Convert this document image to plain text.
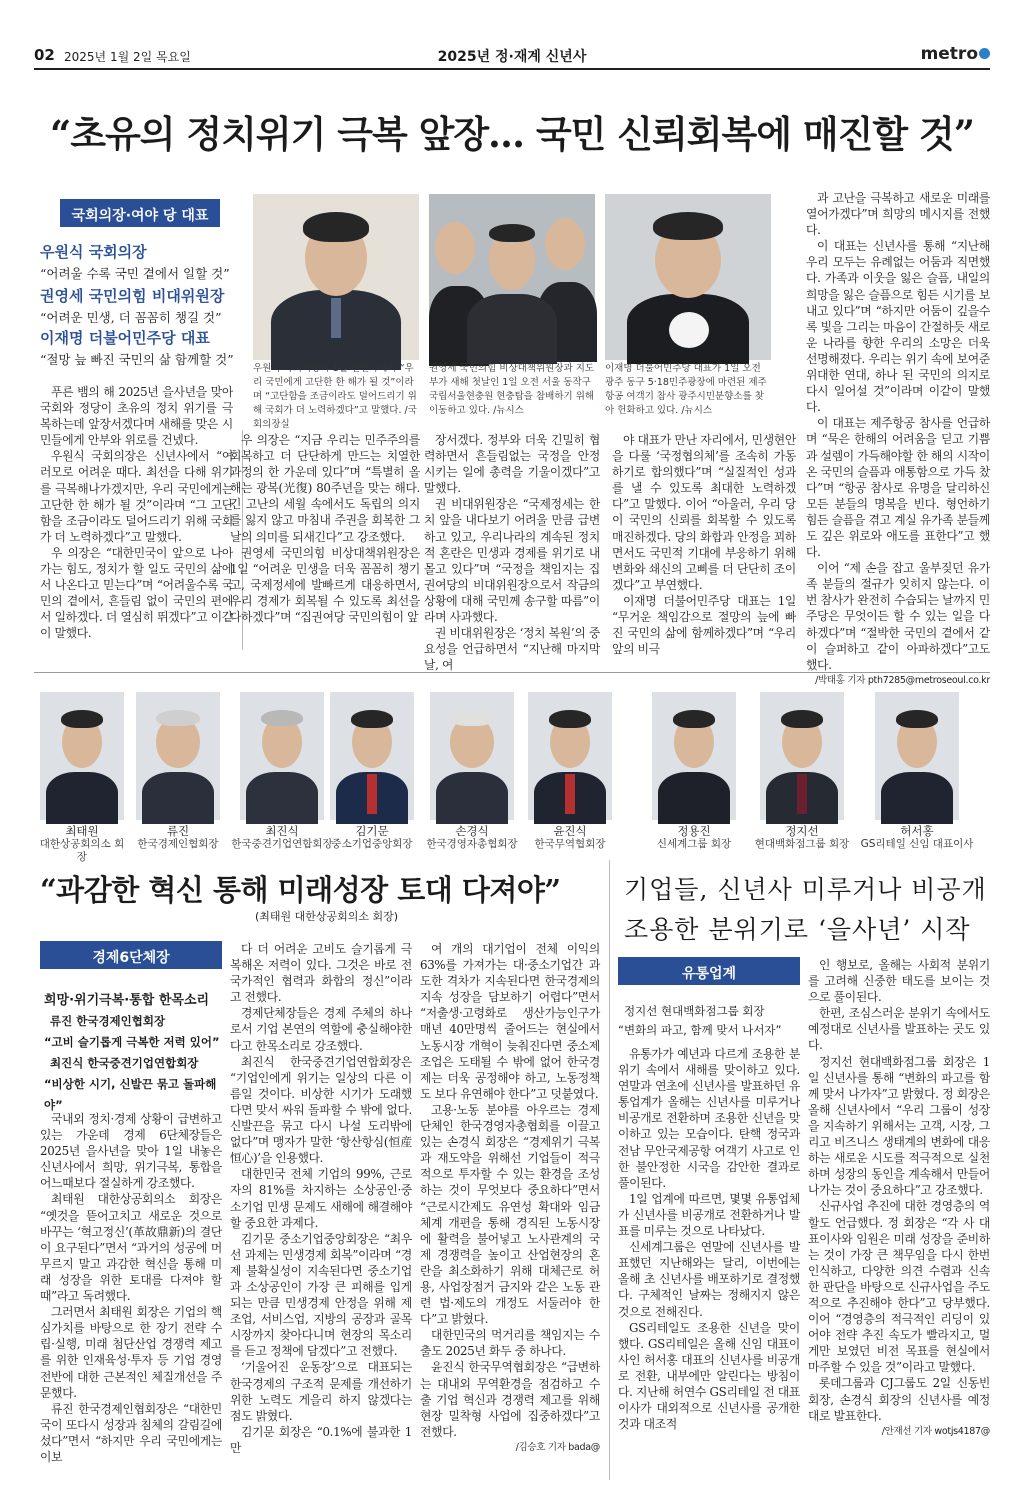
02 2025년 1월 2일 목요일	2025년 정·재계 신년사	metro
“초유의 정치위기 극복 앞장… 국민 신뢰회복에 매진할 것”
국회의장·여야 당 대표
우원식 국회의장
“어려울 수록 국민 곁에서 일할 것”
권영세 국민의힘 비대위원장
“어려운 민생, 더 꼼꼼히 챙길 것”
이재명 더불어민주당 대표
“절망 늪 빠진 국민의 삶 함께할 것”
우원식 국회의장이 1일 신년사에서 “우리 국민에게 고단한 한 해가 될 것”이라며 “고단함을 조금이라도 덜어드리기 위해 국회가 더 노력하겠다”고 말했다. /국회의장실
권영세 국민의힘 비상대책위원장과 지도부가 새해 첫날인 1일 오전 서울 동작구 국립서울현충원 현충탑을 참배하기 위해 이동하고 있다. /뉴시스
이재명 더불어민주당 대표가 1일 오전 광주 동구 5·18민주광장에 마련된 제주항공 여객기 참사 광주시민분향소를 찾아 헌화하고 있다. /뉴시스

푸른 뱀의 해 2025년 을사년을 맞아 국회와 정당이 초유의 정치 위기를 극복하는데 앞장서겠다며 새해를 맞은 시민들에게 안부와 위로를 건넸다.

우원식 국회의장은 신년사에서 “여러모로 어려운 때다. 최선을 다해 위기를 극복해나가겠지만, 우리 국민에게는 고단한 한 해가 될 것”이라며 “그 고단함을 조금이라도 덜어드리기 위해 국회가 더 노력하겠다”고 말했다.

우 의장은 “대한민국이 앞으로 나아가는 힘도, 정치가 할 일도 국민의 삶에서 나온다고 믿는다”며 “어려울수록 국민의 곁에서, 흔들림 없이 국민의 편에서 일하겠다. 더 열심히 뛰겠다”고 이같이 말했다.

우 의장은 “지금 우리는 민주주의를 회복하고 더 단단하게 만드는 치열한 과정의 한 가운데 있다”며 “특별히 올해는 광복(光復) 80주년을 맞는 해다. 긴 고난의 세월 속에서도 독립의 의지를 잃지 않고 마침내 주권을 회복한 그날의 의미를 되새긴다”고 강조했다.

권영세 국민의힘 비상대책위원장은 1일 “어려운 민생을 더욱 꼼꼼히 챙기고, 국제정세에 발빠르게 대응하면서, 우리 경제가 회복될 수 있도록 최선을 다하겠다”며 “집권여당 국민의힘이 앞

장서겠다. 정부와 더욱 긴밀히 협력하면서 흔들림없는 국정을 안정시키는 일에 총력을 기울이겠다”고 말했다.

권 비대위원장은 “국제정세는 한 치 앞을 내다보기 어려울 만큼 급변하고 있고, 우리나라의 계속된 정치적 혼란은 민생과 경제를 위기로 내몰고 있다”며 “국정을 책임지는 집권여당의 비대위원장으로서 작금의 상황에 대해 국민께 송구할 따름”이라며 사과했다.

권 비대위원장은 ‘정치 복원’의 중요성을 언급하면서 “지난해 마지막 날, 여

야 대표가 만난 자리에서, 민생현안을 다룰 ‘국정협의체’를 조속히 가동하기로 합의했다”며 “실질적인 성과를 낼 수 있도록 최대한 노력하겠다”고 말했다. 이어 “아울러, 우리 당이 국민의 신뢰를 회복할 수 있도록 매진하겠다. 당의 화합과 안정을 꾀하면서도 국민적 기대에 부응하기 위해 변화와 쇄신의 고삐를 더 단단히 조이겠다”고 부연했다.

이재명 더불어민주당 대표는 1일 “무거운 책임감으로 절망의 늪에 빠진 국민의 삶에 함께하겠다”며 “우리 앞의 비극

과 고난을 극복하고 새로운 미래를 열어가겠다”며 희망의 메시지를 전했다.

이 대표는 신년사를 통해 “지난해 우리 모두는 유례없는 어둠과 직면했다. 가족과 이웃을 잃은 슬픔, 내일의 희망을 잃은 슬픔으로 힘든 시기를 보내고 있다”며 “하지만 어둠이 깊을수록 빛을 그리는 마음이 간절하듯 새로운 나라를 향한 우리의 소망은 더욱 선명해졌다. 우리는 위기 속에 보여준 위대한 연대, 하나 된 국민의 의지로 다시 일어설 것”이라며 이같이 말했다.

이 대표는 제주항공 참사를 언급하며 “묵은 한해의 어려움을 딛고 기쁨과 설렘이 가득해야할 한 해의 시작이 온 국민의 슬픔과 애통함으로 가득 찼다”며 “항공 참사로 유명을 달리하신 모든 분들의 명복을 빈다. 형언하기 힘든 슬픔을 겪고 계실 유가족 분들께도 깊은 위로와 애도를 표한다”고 했다.

이어 “제 손을 잡고 울부짖던 유가족 분들의 절규가 잊히지 않는다. 이번 참사가 완전히 수습되는 날까지 민주당은 무엇이든 할 수 있는 일을 다 하겠다”며 “절박한 국민의 곁에서 같이 슬퍼하고 같이 아파하겠다”고도 했다.

/박태홍 기자 pth7285@metroseoul.co.kr

최태원
대한상공회의소 회장
류진
한국경제인협회장
최진식
한국중견기업연합회장
김기문
중소기업중앙회장
손경식
한국경영자총협회장
윤진식
한국무역협회장
정용진
신세계그룹 회장
정지선
현대백화점그룹 회장
허서홍
GS리테일 신임 대표이사
“과감한 혁신 통해 미래성장 토대 다져야”
(최태원 대한상공회의소 회장)
경제6단체장
희망·위기극복·통합 한목소리
류진 한국경제인협회장
“고비 슬기롭게 극복한 저력 있어”
최진식 한국중견기업연합회장
“비상한 시기, 신발끈 묶고 돌파해야”

국내외 정치·경제 상황이 급변하고 있는 가운데 경제 6단체장들은 2025년 을사년을 맞아 1일 내놓은 신년사에서 희망, 위기극복, 통합을 어느때보다 절실하게 강조했다.

최태원 대한상공회의소 회장은 “옛것을 뜯어고치고 새로운 것으로 바꾸는 ‘혁고정신’(革故鼎新)의 결단이 요구된다”면서 “과거의 성공에 머무르지 말고 과감한 혁신을 통해 미래 성장을 위한 토대를 다져야 할 때”라고 독려했다.

그러면서 최태원 회장은 기업의 핵심가치를 바탕으로 한 장기 전략 수립·실행, 미래 첨단산업 경쟁력 제고를 위한 인재육성·투자 등 기업 경영 전반에 대한 근본적인 체질개선을 주문했다.

류진 한국경제인협회장은 “대한민국이 또다시 성장과 침체의 갈림길에 섰다”면서 “하지만 우리 국민에게는 이보

다 더 어려운 고비도 슬기롭게 극복해온 저력이 있다. 그것은 바로 전 국가적인 협력과 화합의 정신”이라고 전했다.

경제단체장들은 경제 주체의 하나로서 기업 본연의 역할에 충실해야한다고 한목소리로 강조했다.

최진식 한국중견기업연합회장은 “기업인에게 위기는 일상의 다른 이름일 것이다. 비상한 시기가 도래했다면 맞서 싸워 돌파할 수 밖에 없다. 신발끈을 묶고 다시 나설 도리밖에 없다”며 맹자가 말한 ‘항산항심(恒産恒心)’을 인용했다.

대한민국 전체 기업의 99%, 근로자의 81%를 차지하는 소상공인·중소기업 민생 문제도 새해에 해결해야 할 중요한 과제다.

김기문 중소기업중앙회장은 “최우선 과제는 민생경제 회복”이라며 “경제 불확실성이 지속된다면 중소기업과 소상공인이 가장 큰 피해를 입게되는 만큼 민생경제 안정을 위해 제조업, 서비스업, 지방의 공장과 골목시장까지 찾아다니며 현장의 목소리를 듣고 정책에 담겠다”고 전했다.

‘기울어진 운동장’으로 대표되는 한국경제의 구조적 문제를 개선하기위한 노력도 게을리 하지 않겠다는 점도 밝혔다.

김기문 회장은 “0.1%에 불과한 1만

여 개의 대기업이 전체 이익의 63%를 가져가는 대·중소기업간 과도한 격차가 지속된다면 한국경제의 지속 성장을 담보하기 어렵다”면서 “저출생·고령화로 생산가능인구가 매년 40만명씩 줄어드는 현실에서 노동시장 개혁이 늦춰진다면 중소제조업은 도태될 수 밖에 없어 한국경제는 더욱 공정해야 하고, 노동정책도 보다 유연해야 한다”고 덧붙였다.

고용·노동 분야를 아우르는 경제단체인 한국경영자총협회를 이끌고 있는 손경식 회장은 “경제위기 극복과 재도약을 위해선 기업들이 적극적으로 투자할 수 있는 환경을 조성하는 것이 무엇보다 중요하다”면서 “근로시간제도 유연성 확대와 임금체계 개편을 통해 경직된 노동시장에 활력을 불어넣고 노사관계의 국제 경쟁력을 높이고 산업현장의 혼란을 최소화하기 위해 대체근로 허용, 사업장점거 금지와 같은 노동 관련 법·제도의 개정도 서둘러야 한다”고 밝혔다.

대한민국의 먹거리를 책임지는 수출도 2025년 화두 중 하나다.

윤진식 한국무역협회장은 “급변하는 대내외 무역환경을 점검하고 수출 기업 혁신과 경쟁력 제고를 위해 현장 밀착형 사업에 집중하겠다”고 전했다.

/김승호 기자 bada@

기업들, 신년사 미루거나 비공개
조용한 분위기로 ‘을사년’ 시작
유통업계
정지선 현대백화점그룹 회장
“변화의 파고, 함께 맞서 나서자”

유통가가 예년과 다르게 조용한 분위기 속에서 새해를 맞이하고 있다. 연말과 연초에 신년사를 발표하던 유통업계가 올해는 신년사를 미루거나 비공개로 전환하며 조용한 신년을 맞이하고 있는 모습이다. 탄핵 정국과 전남 무안국제공항 여객기 사고로 인한 불안정한 시국을 감안한 결과로 풀이된다.

1일 업계에 따르면, 몇몇 유통업체가 신년사를 비공개로 전환하거나 발표를 미루는 것으로 나타났다.

신세계그룹은 연말에 신년사를 발표했던 지난해와는 달리, 이번에는 올해 초 신년사를 배포하기로 결정했다. 구체적인 날짜는 정해지지 않은 것으로 전해진다.

GS리테일도 조용한 신년을 맞이했다. GS리테일은 올해 신임 대표이사인 허서홍 대표의 신년사를 비공개로 전환, 내부에만 알린다는 방침이다. 지난해 허연수 GS리테일 전 대표이사가 대외적으로 신년사를 공개한 것과 대조적

인 행보로, 올해는 사회적 분위기를 고려해 신중한 태도를 보이는 것으로 풀이된다.

한편, 조심스러운 분위기 속에서도 예정대로 신년사를 발표하는 곳도 있다.

정지선 현대백화점그룹 회장은 1일 신년사를 통해 “변화의 파고를 함께 맞서 나가자”고 밝혔다. 정 회장은 올해 신년사에서 “우리 그룹이 성장을 지속하기 위해서는 고객, 시장, 그리고 비즈니스 생태계의 변화에 대응하는 새로운 시도를 적극적으로 실천하며 성장의 동인을 계속해서 만들어 나가는 것이 중요하다”고 강조했다.

신규사업 추진에 대한 경영층의 역할도 언급했다. 정 회장은 “각 사 대표이사와 임원은 미래 성장을 준비하는 것이 가장 큰 책무임을 다시 한번 인식하고, 다양한 의견 수렴과 신속한 판단을 바탕으로 신규사업을 주도적으로 추진해야 한다”고 당부했다. 이어 “경영층의 적극적인 리딩이 있어야 전략 추진 속도가 빨라지고, 멀게만 보였던 비전 목표를 현실에서 마주할 수 있을 것”이라고 말했다.

롯데그룹과 CJ그룹도 2일 신동빈 회장, 손경식 회장의 신년사를 예정대로 발표한다.

/안재선 기자 wotjs4187@
